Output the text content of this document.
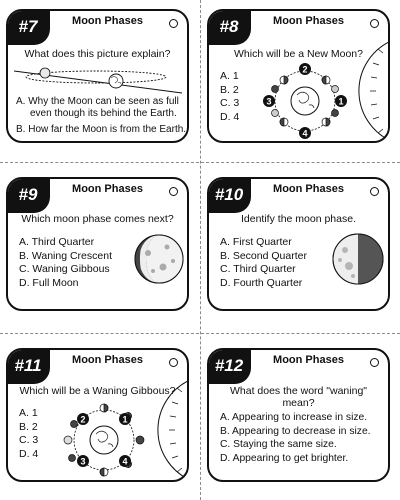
#7	Moon Phases
What does this picture explain?
A. Why the Moon can be seen as full even though its behind the Earth.
B. How far the Moon is from the Earth.
#8	Moon Phases
Which will be a New Moon?
A. 1
B. 2
C. 3
D. 4
2
1
3
4
#9	Moon Phases
Which moon phase comes next?
A. Third Quarter
B. Waning Crescent
C. Waning Gibbous
D. Full Moon
#10	Moon Phases
Identify the moon phase.
A. First Quarter
B. Second Quarter
C. Third Quarter
D. Fourth Quarter
#11	Moon Phases
Which will be a Waning Gibbous?
A. 1
B. 2
C. 3
D. 4
2	1
3	4
#12	Moon Phases
What does the word "waning" mean?
A. Appearing to increase in size.
B. Appearing to decrease in size.
C. Staying the same size.
D. Appearing to get brighter.
